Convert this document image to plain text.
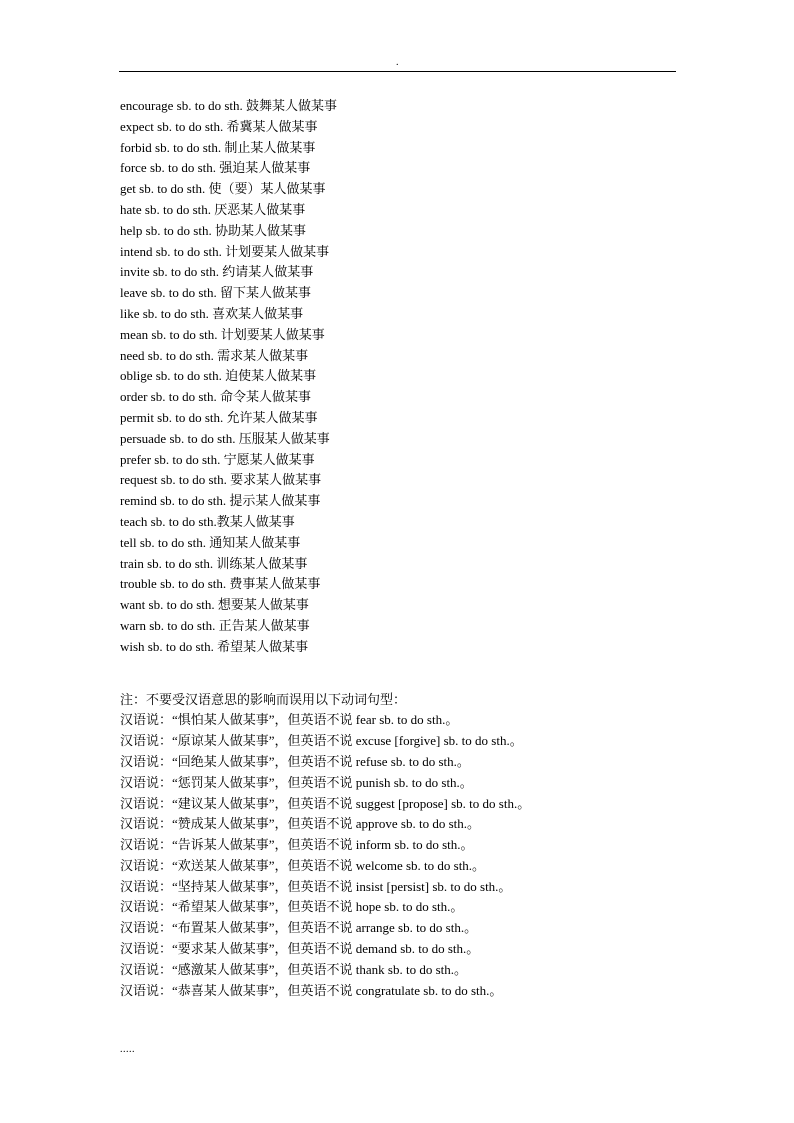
.
encourage sb. to do sth. 鼓舞某人做某事
expect sb. to do sth. 希冀某人做某事
forbid sb. to do sth. 制止某人做某事
force sb. to do sth. 强迫某人做某事
get sb. to do sth. 使（要）某人做某事
hate sb. to do sth. 厌恶某人做某事
help sb. to do sth. 协助某人做某事
intend sb. to do sth. 计划要某人做某事
invite sb. to do sth. 约请某人做某事
leave sb. to do sth. 留下某人做某事
like sb. to do sth. 喜欢某人做某事
mean sb. to do sth. 计划要某人做某事
need sb. to do sth. 需求某人做某事
oblige sb. to do sth. 迫使某人做某事
order sb. to do sth. 命令某人做某事
permit sb. to do sth. 允许某人做某事
persuade sb. to do sth. 压服某人做某事
prefer sb. to do sth. 宁愿某人做某事
request sb. to do sth. 要求某人做某事
remind sb. to do sth. 提示某人做某事
teach sb. to do sth.教某人做某事
tell sb. to do sth. 通知某人做某事
train sb. to do sth. 训练某人做某事
trouble sb. to do sth. 费事某人做某事
want sb. to do sth. 想要某人做某事
warn sb. to do sth. 正告某人做某事
wish sb. to do sth. 希望某人做某事
注：不要受汉语意思的影响而误用以下动词句型：
汉语说：“惧怕某人做某事”，但英语不说 fear sb. to do sth.。
汉语说：“原谅某人做某事”，但英语不说 excuse [forgive] sb. to do sth.。
汉语说：“回绝某人做某事”，但英语不说 refuse sb. to do sth.。
汉语说：“惩罚某人做某事”，但英语不说 punish sb. to do sth.。
汉语说：“建议某人做某事”，但英语不说 suggest [propose] sb. to do sth.。
汉语说：“赞成某人做某事”，但英语不说 approve sb. to do sth.。
汉语说：“告诉某人做某事”，但英语不说 inform sb. to do sth.。
汉语说：“欢送某人做某事”，但英语不说 welcome sb. to do sth.。
汉语说：“坚持某人做某事”，但英语不说 insist [persist] sb. to do sth.。
汉语说：“希望某人做某事”，但英语不说 hope sb. to do sth.。
汉语说：“布置某人做某事”，但英语不说 arrange sb. to do sth.。
汉语说：“要求某人做某事”，但英语不说 demand sb. to do sth.。
汉语说：“感激某人做某事”，但英语不说 thank sb. to do sth.。
汉语说：“恭喜某人做某事”，但英语不说 congratulate sb. to do sth.。
.....
